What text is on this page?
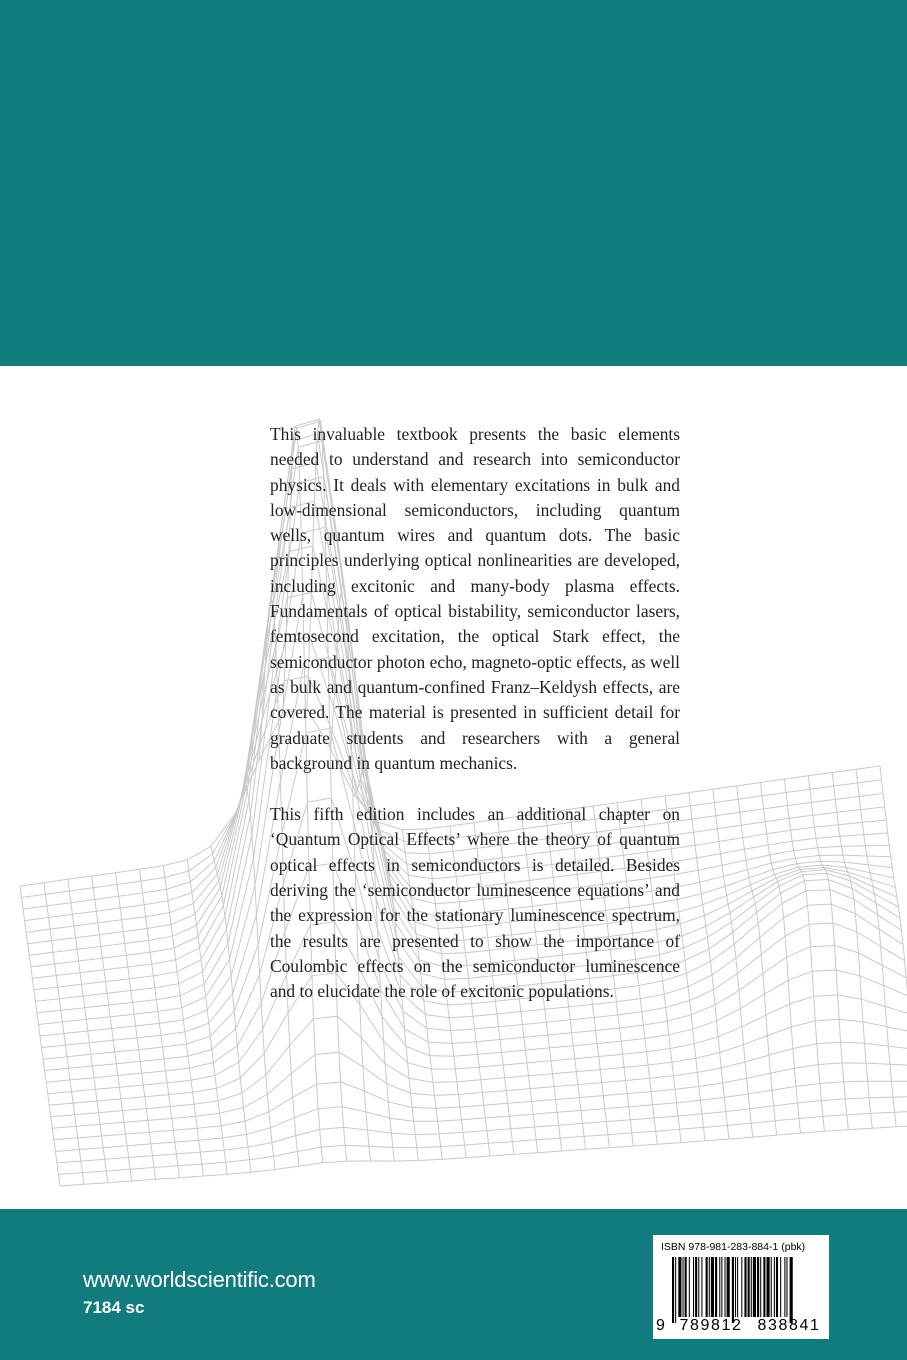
This invaluable textbook presents the basic elements needed to understand and research into semiconductor physics. It deals with elementary excitations in bulk and low-dimensional semiconductors, including quantum wells, quantum wires and quantum dots. The basic principles underlying optical nonlinearities are developed, including excitonic and many-body plasma effects. Fundamentals of optical bistability, semiconductor lasers, femtosecond excitation, the optical Stark effect, the semiconductor photon echo, magneto-optic effects, as well as bulk and quantum-confined Franz–Keldysh effects, are covered. The material is presented in sufficient detail for graduate students and researchers with a general background in quantum mechanics.

This fifth edition includes an additional chapter on ‘Quantum Optical Effects’ where the theory of quantum optical effects in semiconductors is detailed. Besides deriving the ‘semiconductor luminescence equations’ and the expression for the stationary luminescence spectrum, the results are presented to show the importance of Coulombic effects on the semiconductor luminescence and to elucidate the role of excitonic populations.

www.worldscientific.com
7184 sc
ISBN 978-981-283-884-1 (pbk)
9 789812 838841
